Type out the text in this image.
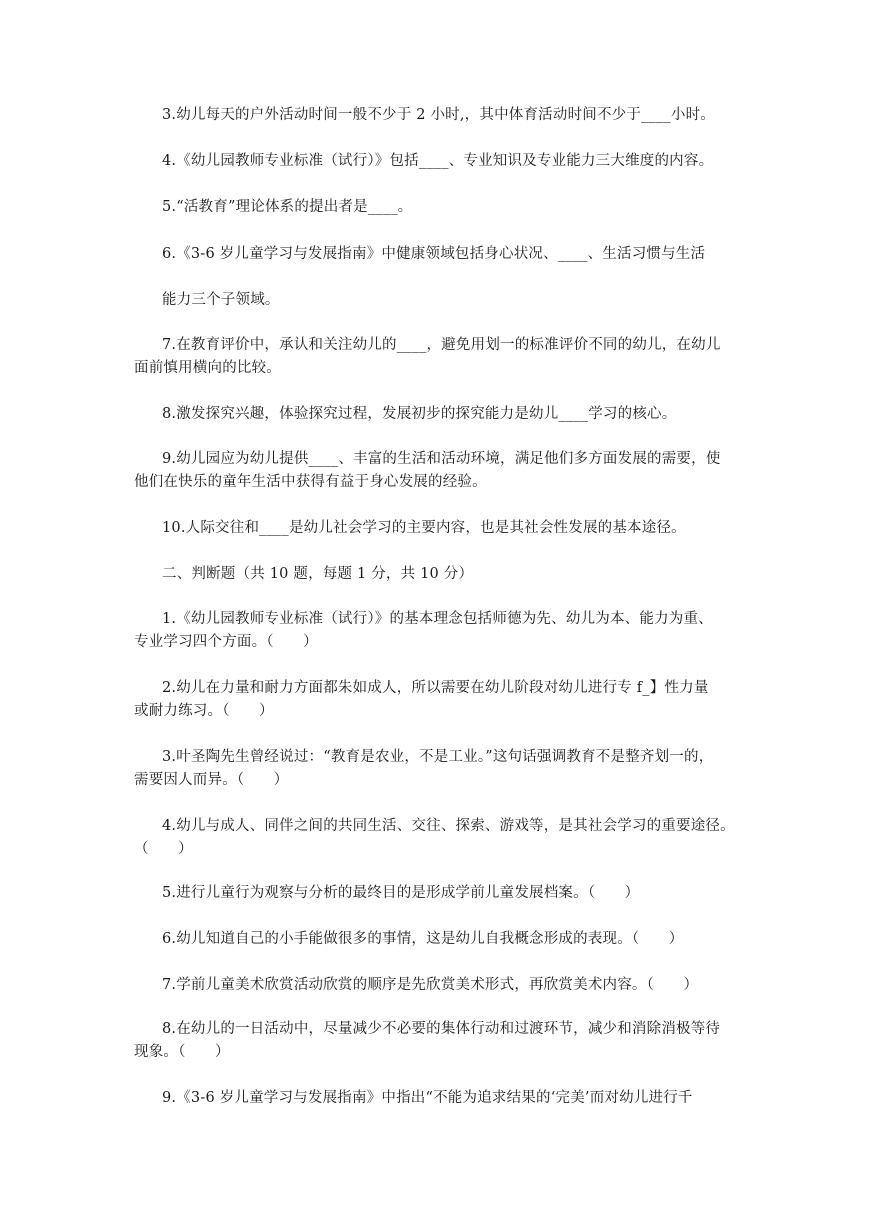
3.幼儿每天的户外活动时间一般不少于 2 小时,，其中体育活动时间不少于____小时。
4.《幼儿园教师专业标准（试行）》包括____、专业知识及专业能力三大维度的内容。
5.“活教育”理论体系的提出者是____。
6.《3-6 岁儿童学习与发展指南》中健康领域包括身心状况、____、生活习惯与生活
能力三个子领域。
7.在教育评价中，承认和关注幼儿的____，避免用划一的标准评价不同的幼儿，在幼儿
面前慎用横向的比较。
8.激发探究兴趣，体验探究过程，发展初步的探究能力是幼儿____学习的核心。
9.幼儿园应为幼儿提供____、丰富的生活和活动环境，满足他们多方面发展的需要，使
他们在快乐的童年生活中获得有益于身心发展的经验。
10.人际交往和____是幼儿社会学习的主要内容，也是其社会性发展的基本途径。
二、判断题（共 10 题，每题 1 分，共 10 分）
1.《幼儿园教师专业标准（试行）》的基本理念包括师德为先、幼儿为本、能力为重、
专业学习四个方面。（　　）
2.幼儿在力量和耐力方面都朱如成人，所以需要在幼儿阶段对幼儿进行专 f_】性力量
或耐力练习。（　　）
3.叶圣陶先生曾经说过：“教育是农业，不是工业。”这句话强调教育不是整齐划一的，
需要因人而异。（　　）
4.幼儿与成人、同伴之间的共同生活、交往、探索、游戏等，是其社会学习的重要途径。
（　　）
5.进行儿童行为观察与分析的最终目的是形成学前儿童发展档案。（　　）
6.幼儿知道自己的小手能做很多的事情，这是幼儿自我概念形成的表现。（　　）
7.学前儿童美术欣赏活动欣赏的顺序是先欣赏美术形式，再欣赏美术内容。（　　）
8.在幼儿的一日活动中，尽量减少不必要的集体行动和过渡环节，减少和消除消极等待
现象。（　　）
9.《3-6 岁儿童学习与发展指南》中指出“不能为追求结果的‘完美’而对幼儿进行千
